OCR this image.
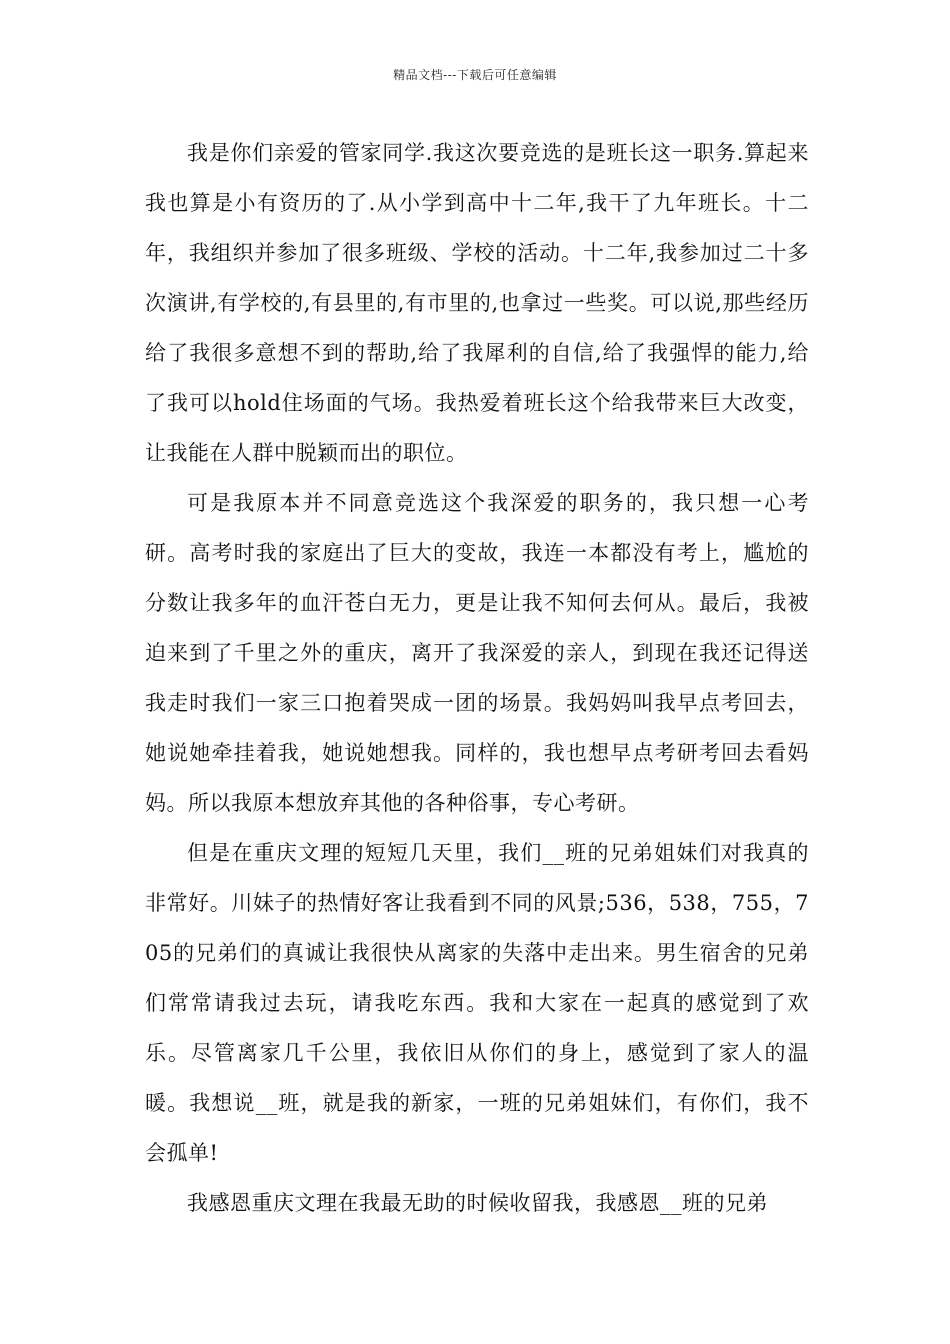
精品文档---下载后可任意编辑

我是你们亲爱的管家同学.我这次要竞选的是班长这一职务.算起来我也算是小有资历的了.从小学到高中十二年,我干了九年班长。十二年，我组织并参加了很多班级、学校的活动。十二年,我参加过二十多次演讲,有学校的,有县里的,有市里的,也拿过一些奖。可以说,那些经历给了我很多意想不到的帮助,给了我犀利的自信,给了我强悍的能力,给了我可以hold住场面的气场。我热爱着班长这个给我带来巨大改变，让我能在人群中脱颖而出的职位。

可是我原本并不同意竞选这个我深爱的职务的，我只想一心考研。高考时我的家庭出了巨大的变故，我连一本都没有考上，尴尬的分数让我多年的血汗苍白无力，更是让我不知何去何从。最后，我被迫来到了千里之外的重庆，离开了我深爱的亲人，到现在我还记得送我走时我们一家三口抱着哭成一团的场景。我妈妈叫我早点考回去，她说她牵挂着我，她说她想我。同样的，我也想早点考研考回去看妈妈。所以我原本想放弃其他的各种俗事，专心考研。

但是在重庆文理的短短几天里，我们__班的兄弟姐妹们对我真的非常好。川妹子的热情好客让我看到不同的风景;536，538，755，705的兄弟们的真诚让我很快从离家的失落中走出来。男生宿舍的兄弟们常常请我过去玩，请我吃东西。我和大家在一起真的感觉到了欢乐。尽管离家几千公里，我依旧从你们的身上，感觉到了家人的温暖。我想说__班，就是我的新家，一班的兄弟姐妹们，有你们，我不会孤单!

我感恩重庆文理在我最无助的时候收留我，我感恩__班的兄弟
